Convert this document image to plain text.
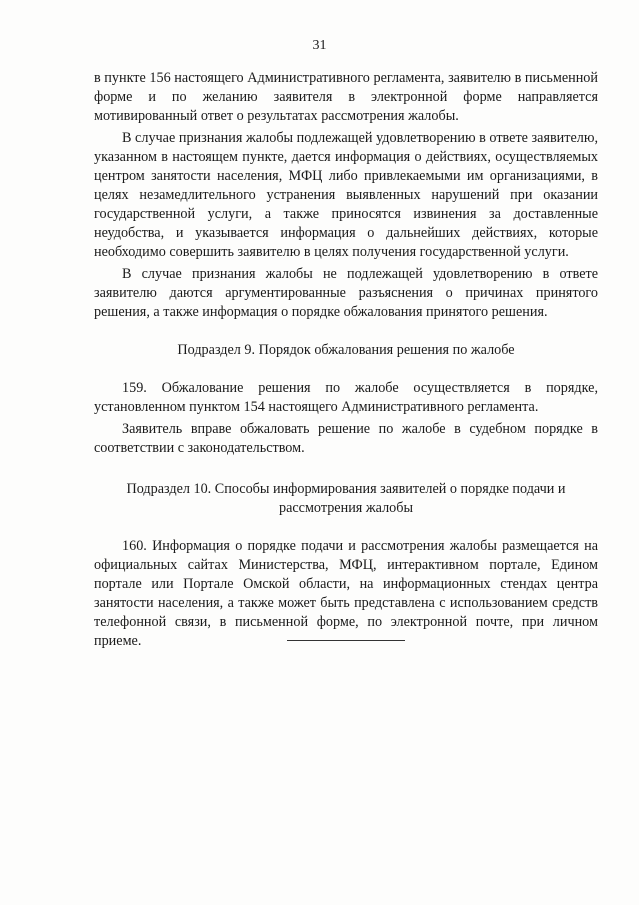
31

в пункте 156 настоящего Административного регламента, заявителю в письменной форме и по желанию заявителя в электронной форме направляется мотивированный ответ о результатах рассмотрения жалобы.

В случае признания жалобы подлежащей удовлетворению в ответе заявителю, указанном в настоящем пункте, дается информация о действиях, осуществляемых центром занятости населения, МФЦ либо привлекаемыми им организациями, в целях незамедлительного устранения выявленных нарушений при оказании государственной услуги, а также приносятся извинения за доставленные неудобства, и указывается информация о дальнейших действиях, которые необходимо совершить заявителю в целях получения государственной услуги.

В случае признания жалобы не подлежащей удовлетворению в ответе заявителю даются аргументированные разъяснения о причинах принятого решения, а также информация о порядке обжалования принятого решения.

Подраздел 9. Порядок обжалования решения по жалобе

159. Обжалование решения по жалобе осуществляется в порядке, установленном пунктом 154 настоящего Административного регламента.

Заявитель вправе обжаловать решение по жалобе в судебном порядке в соответствии с законодательством.

Подраздел 10. Способы информирования заявителей о порядке подачи и рассмотрения жалобы

160. Информация о порядке подачи и рассмотрения жалобы размещается на официальных сайтах Министерства, МФЦ, интерактивном портале, Едином портале или Портале Омской области, на информационных стендах центра занятости населения, а также может быть представлена с использованием средств телефонной связи, в письменной форме, по электронной почте, при личном приеме.
